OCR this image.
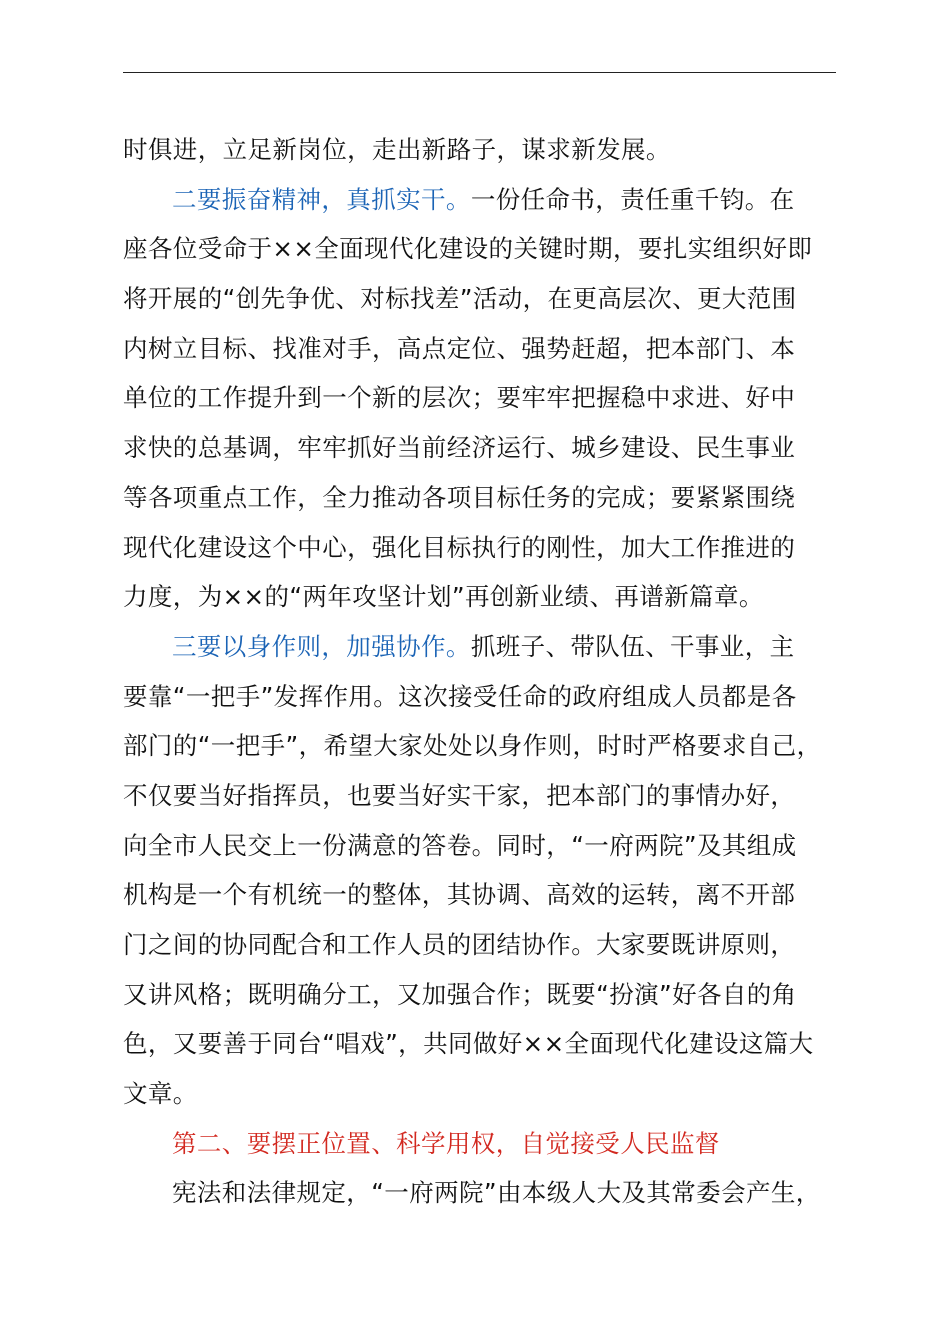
时俱进，立足新岗位，走出新路子，谋求新发展。
二要振奋精神，真抓实干。一份任命书，责任重千钧。在
座各位受命于××全面现代化建设的关键时期，要扎实组织好即
将开展的“创先争优、对标找差”活动，在更高层次、更大范围
内树立目标、找准对手，高点定位、强势赶超，把本部门、本
单位的工作提升到一个新的层次；要牢牢把握稳中求进、好中
求快的总基调，牢牢抓好当前经济运行、城乡建设、民生事业
等各项重点工作，全力推动各项目标任务的完成；要紧紧围绕
现代化建设这个中心，强化目标执行的刚性，加大工作推进的
力度，为××的“两年攻坚计划”再创新业绩、再谱新篇章。
三要以身作则，加强协作。抓班子、带队伍、干事业，主
要靠“一把手”发挥作用。这次接受任命的政府组成人员都是各
部门的“一把手”，希望大家处处以身作则，时时严格要求自己，
不仅要当好指挥员，也要当好实干家，把本部门的事情办好，
向全市人民交上一份满意的答卷。同时，“一府两院”及其组成
机构是一个有机统一的整体，其协调、高效的运转，离不开部
门之间的协同配合和工作人员的团结协作。大家要既讲原则，
又讲风格；既明确分工，又加强合作；既要“扮演”好各自的角
色，又要善于同台“唱戏”，共同做好××全面现代化建设这篇大
文章。
第二、要摆正位置、科学用权，自觉接受人民监督
宪法和法律规定，“一府两院”由本级人大及其常委会产生，
